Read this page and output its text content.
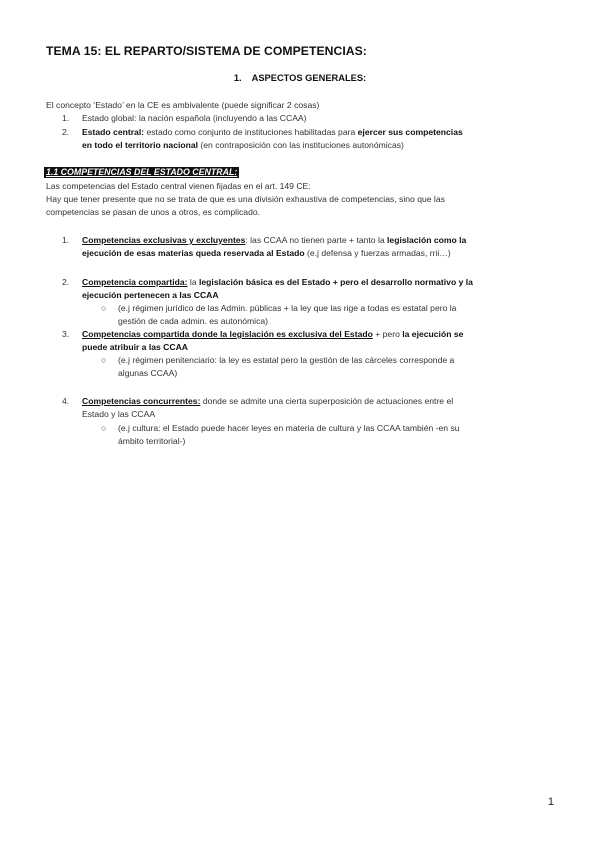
TEMA 15: EL REPARTO/SISTEMA DE COMPETENCIAS:
1. ASPECTOS GENERALES:
El concepto ‘Estado’ en la CE es ambivalente (puede significar 2 cosas)
1. Estado global: la nación española (incluyendo a las CCAA)
2. Estado central: estado como conjunto de instituciones habilitadas para ejercer sus competencias
en todo el territorio nacional (en contraposición con las instituciones autonómicas)
1.1 COMPETENCIAS DEL ESTADO CENTRAL:
Las competencias del Estado central vienen fijadas en el art. 149 CE:
Hay que tener presente que no se trata de que es una división exhaustiva de competencias, sino que las
competencias se pasan de unos a otros, es complicado.
1. Competencias exclusivas y excluyentes: las CCAA no tienen parte + tanto la legislación como la
ejecución de esas materias queda reservada al Estado (e.j defensa y fuerzas armadas, rrii…)
2. Competencia compartida: la legislación básica es del Estado + pero el desarrollo normativo y la
ejecución pertenecen a las CCAA
○ (e.j régimen jurídico de las Admin. públicas + la ley que las rige a todas es estatal pero la
gestión de cada admin. es autonómica)
3. Competencias compartida donde la legislación es exclusiva del Estado + pero la ejecución se
puede atribuir a las CCAA
○ (e.j régimen penitenciario: la ley es estatal pero la gestión de las cárceles corresponde a
algunas CCAA)
4. Competencias concurrentes: donde se admite una cierta superposición de actuaciones entre el
Estado y las CCAA
○ (e.j cultura: el Estado puede hacer leyes en materia de cultura y las CCAA también -en su
ámbito territorial-)
1
